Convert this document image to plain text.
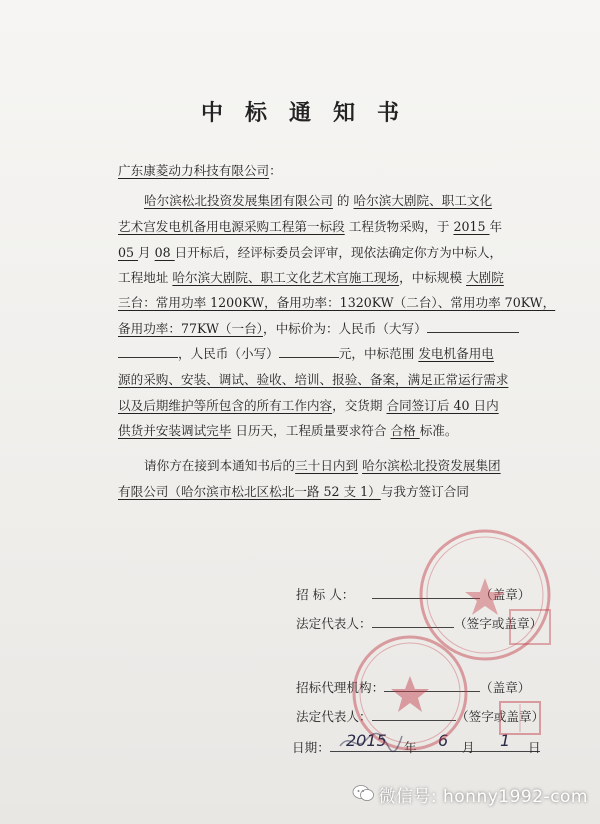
中标通知书
广东康菱动力科技有限公司：
哈尔滨松北投资发展集团有限公司 的 哈尔滨大剧院、职工文化
艺术宫发电机备用电源采购工程第一标段 工程货物采购，于 2015 年
05 月 08 日开标后，经评标委员会评审，现依法确定你方为中标人，
工程地址 哈尔滨大剧院、职工文化艺术宫施工现场，中标规模 大剧院
三台：常用功率 1200KW，备用功率：1320KW（二台）、常用功率 70KW，
备用功率：77KW（一台），中标价为：人民币（大写）
，人民币（小写）	元，中标范围 发电机备用电
源的采购、安装、调试、验收、培训、报验、备案，满足正常运行需求
以及后期维护等所包含的所有工作内容，交货期 合同签订后 40 日内
供货并安装调试完毕 日历天，工程质量要求符合 合格 标准。
请你方在接到本通知书后的三十日内到 哈尔滨松北投资发展集团
有限公司（哈尔滨市松北区松北一路 52 支 1）与我方签订合同
招 标 人：	（盖章）
法定代表人：	（签字或盖章）
招标代理机构：	（盖章）
法定代表人：	（签字或盖章）
日期： 2015 年 6 月 1 日
微信号: honny1992-com
